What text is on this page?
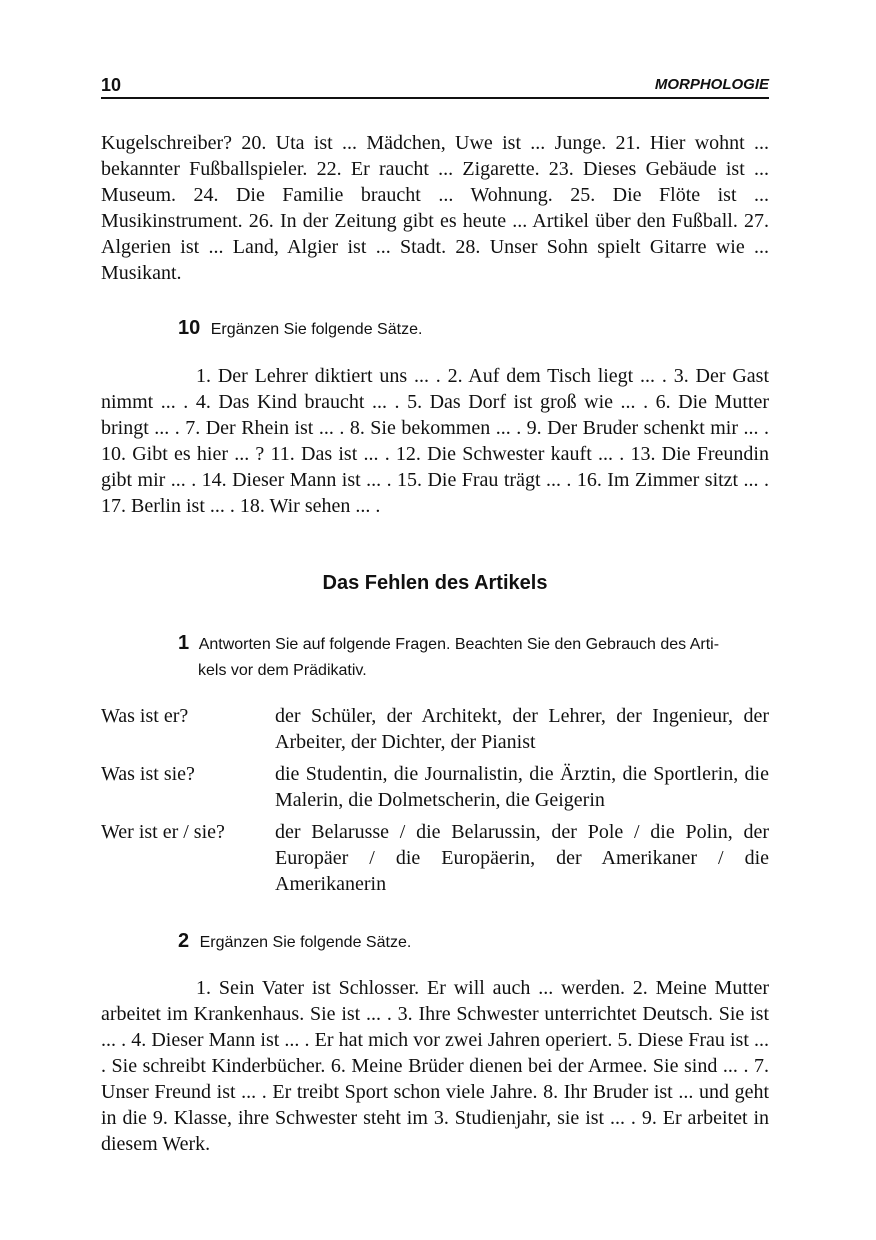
10	MORPHOLOGIE

Kugelschreiber? 20. Uta ist ... Mädchen, Uwe ist ... Junge. 21. Hier wohnt ... bekannter Fußballspieler. 22. Er raucht ... Zigarette. 23. Dieses Gebäude ist ... Museum. 24. Die Familie braucht ... Wohnung. 25. Die Flöte ist ... Musikinstrument. 26. In der Zeitung gibt es heute ... Artikel über den Fußball. 27. Algerien ist ... Land, Algier ist ... Stadt. 28. Unser Sohn spielt Gitarre wie ... Musikant.

10 Ergänzen Sie folgende Sätze.

1. Der Lehrer diktiert uns ... . 2. Auf dem Tisch liegt ... . 3. Der Gast nimmt ... . 4. Das Kind braucht ... . 5. Das Dorf ist groß wie ... . 6. Die Mutter bringt ... . 7. Der Rhein ist ... . 8. Sie bekommen ... . 9. Der Bruder schenkt mir ... . 10. Gibt es hier ... ? 11. Das ist ... . 12. Die Schwester kauft ... . 13. Die Freundin gibt mir ... . 14. Dieser Mann ist ... . 15. Die Frau trägt ... . 16. Im Zimmer sitzt ... . 17. Berlin ist ... . 18. Wir sehen ... .

Das Fehlen des Artikels
1 Antworten Sie auf folgende Fragen. Beachten Sie den Gebrauch des Arti-
kels vor dem Prädikativ.
Was ist er?	der Schüler, der Architekt, der Lehrer, der Ingenieur, der Arbeiter, der Dichter, der Pianist
Was ist sie?	die Studentin, die Journalistin, die Ärztin, die Sportlerin, die Malerin, die Dolmetscherin, die Geigerin
Wer ist er / sie?	der Belarusse / die Belarussin, der Pole / die Polin, der Europäer / die Europäerin, der Amerikaner / die Amerikanerin
2 Ergänzen Sie folgende Sätze.

1. Sein Vater ist Schlosser. Er will auch ... werden. 2. Meine Mutter arbeitet im Krankenhaus. Sie ist ... . 3. Ihre Schwester unterrichtet Deutsch. Sie ist ... . 4. Dieser Mann ist ... . Er hat mich vor zwei Jahren operiert. 5. Diese Frau ist ... . Sie schreibt Kinderbücher. 6. Meine Brüder dienen bei der Armee. Sie sind ... . 7. Unser Freund ist ... . Er treibt Sport schon viele Jahre. 8. Ihr Bruder ist ... und geht in die 9. Klasse, ihre Schwester steht im 3. Studienjahr, sie ist ... . 9. Er arbeitet in diesem Werk.
